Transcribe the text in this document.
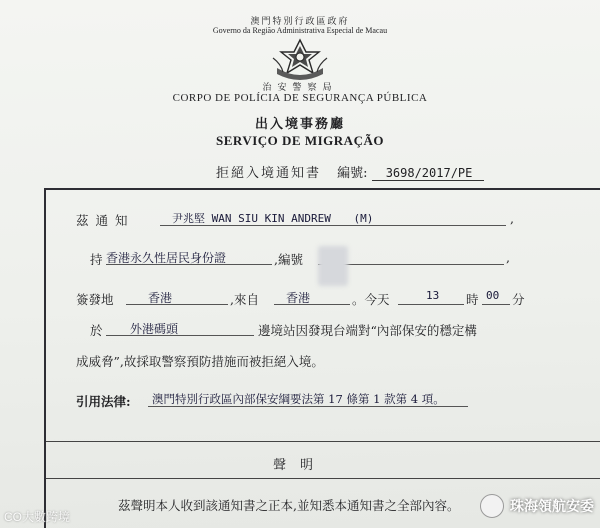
澳門特別行政區政府
Governo da Região Administrativa Especial de Macau
治安警察局
CORPO DE POLÍCIA DE SEGURANÇA PÚBLICA
出入境事務廳
SERVIÇO DE MIGRAÇÃO
拒絕入境通知書 編號: 3698/2017/PE
茲通知	尹兆堅 WAN SIU KIN ANDREW (M)	,
持 香港永久性居民身份證	,編號	,
簽發地	香港	,來自	香港	。今天	13	時 00	分
於	外港碼頭	邊境站因發現台端對“內部保安的穩定構
成威脅”,故採取警察預防措施而被拒絕入境。
引用法律:	澳門特別行政區內部保安綱要法第 17 條第 1 款第 4 項。
聲明
茲聲明本人收到該通知書之正本,並知悉本通知書之全部內容。
CO大數跨境
珠海領航安委
